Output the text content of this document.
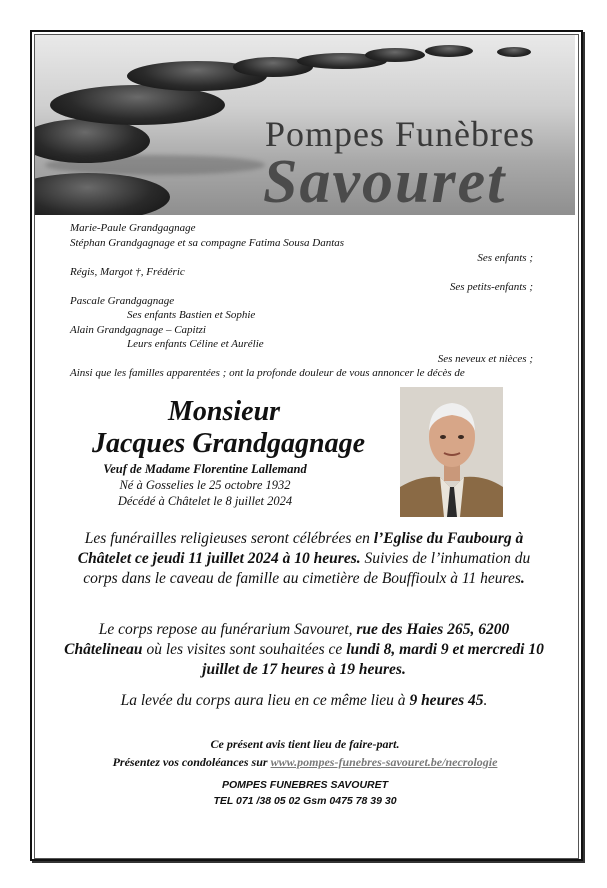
Pompes Funèbres
Savouret
Marie-Paule Grandgagnage
Stéphan Grandgagnage et sa compagne Fatima Sousa Dantas
Ses enfants ;
Régis, Margot †, Frédéric
Ses petits-enfants ;
Pascale Grandgagnage
Ses enfants Bastien et Sophie
Alain Grandgagnage – Capitzi
Leurs enfants Céline et Aurélie
Ses neveux et nièces ;
Ainsi que les familles apparentées ; ont la profonde douleur de vous annoncer le décès de
Monsieur
Jacques Grandgagnage
Veuf de Madame Florentine Lallemand
Né à Gosselies le 25 octobre 1932
Décédé à Châtelet le 8 juillet 2024
Les funérailles religieuses seront célébrées en l’Eglise du Faubourg à Châtelet ce jeudi 11 juillet 2024 à 10 heures. Suivies de l’inhumation du corps dans le caveau de famille au cimetière de Bouffioulx à 11 heures.
Le corps repose au funérarium Savouret, rue des Haies 265, 6200 Châtelineau où les visites sont souhaitées ce lundi 8, mardi 9 et mercredi 10 juillet de 17 heures à 19 heures.
La levée du corps aura lieu en ce même lieu à 9 heures 45.
Ce présent avis tient lieu de faire-part.
Présentez vos condoléances sur www.pompes-funebres-savouret.be/necrologie
POMPES FUNEBRES SAVOURET
TEL 071 /38 05 02 Gsm 0475 78 39 30
